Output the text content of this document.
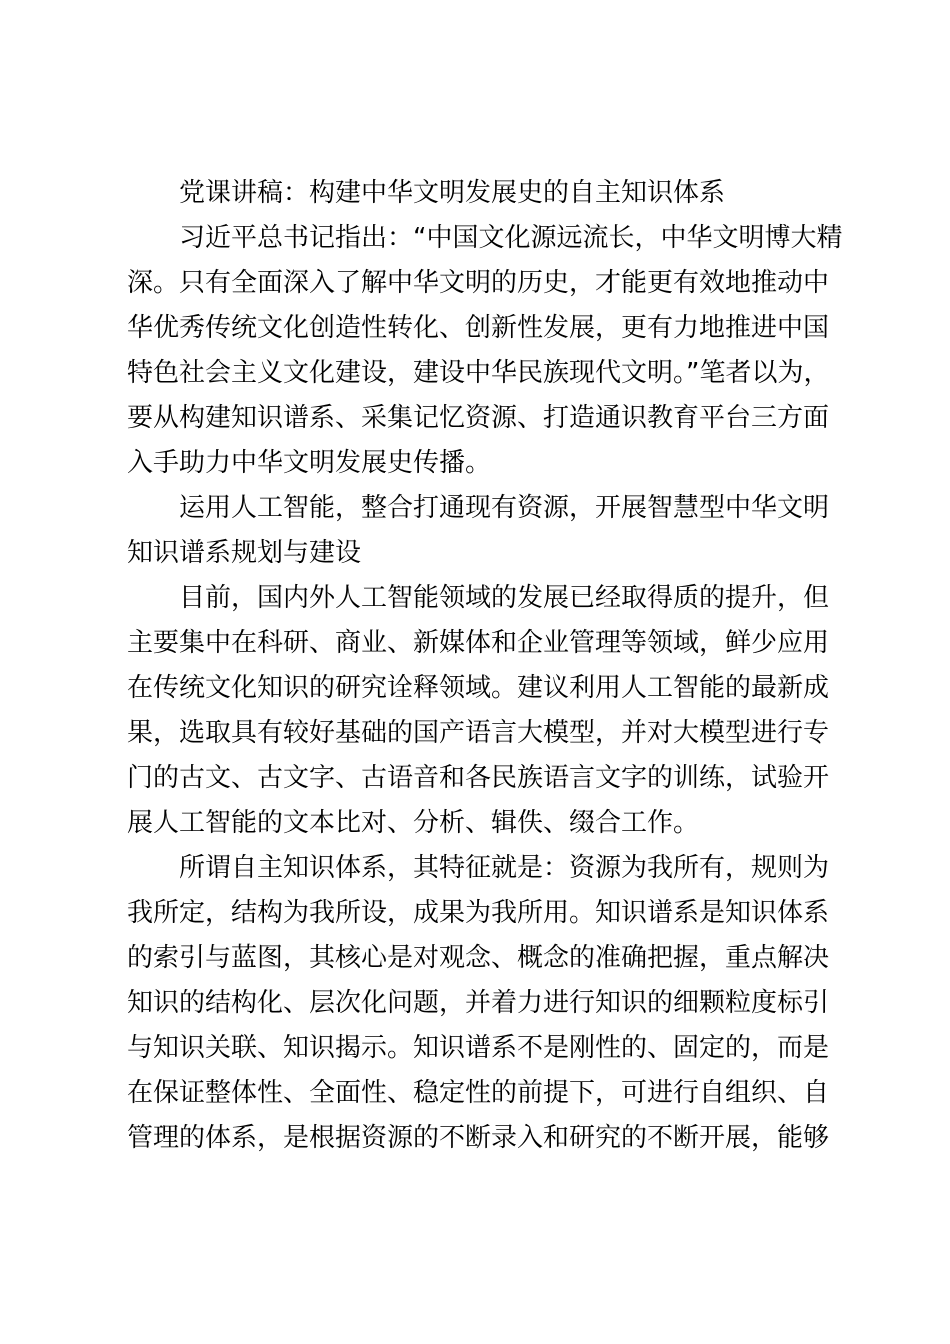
党课讲稿：构建中华文明发展史的自主知识体系
习近平总书记指出：“中国文化源远流长，中华文明博大精
深。只有全面深入了解中华文明的历史，才能更有效地推动中
华优秀传统文化创造性转化、创新性发展，更有力地推进中国
特色社会主义文化建设，建设中华民族现代文明。”笔者以为，
要从构建知识谱系、采集记忆资源、打造通识教育平台三方面
入手助力中华文明发展史传播。
运用人工智能，整合打通现有资源，开展智慧型中华文明
知识谱系规划与建设
目前，国内外人工智能领域的发展已经取得质的提升，但
主要集中在科研、商业、新媒体和企业管理等领域，鲜少应用
在传统文化知识的研究诠释领域。建议利用人工智能的最新成
果，选取具有较好基础的国产语言大模型，并对大模型进行专
门的古文、古文字、古语音和各民族语言文字的训练，试验开
展人工智能的文本比对、分析、辑佚、缀合工作。
所谓自主知识体系，其特征就是：资源为我所有，规则为
我所定，结构为我所设，成果为我所用。知识谱系是知识体系
的索引与蓝图，其核心是对观念、概念的准确把握，重点解决
知识的结构化、层次化问题，并着力进行知识的细颗粒度标引
与知识关联、知识揭示。知识谱系不是刚性的、固定的，而是
在保证整体性、全面性、稳定性的前提下，可进行自组织、自
管理的体系，是根据资源的不断录入和研究的不断开展，能够
